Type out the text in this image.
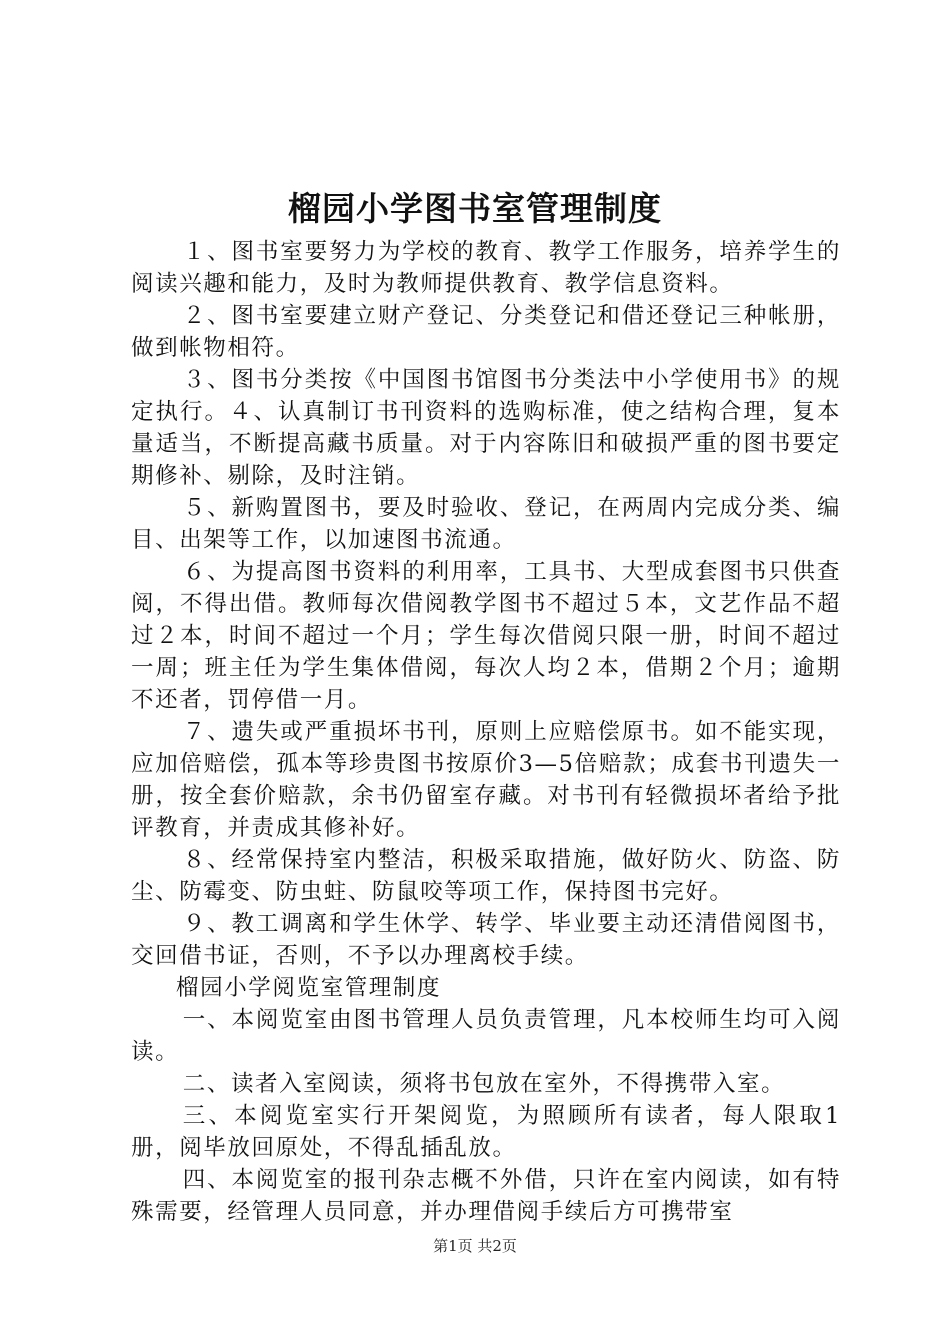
榴园小学图书室管理制度

１、图书室要努力为学校的教育、教学工作服务，培养学生的阅读兴趣和能力，及时为教师提供教育、教学信息资料。

２、图书室要建立财产登记、分类登记和借还登记三种帐册，做到帐物相符。

３、图书分类按《中国图书馆图书分类法中小学使用书》的规定执行。４、认真制订书刊资料的选购标准，使之结构合理，复本量适当，不断提高藏书质量。对于内容陈旧和破损严重的图书要定期修补、剔除，及时注销。

５、新购置图书，要及时验收、登记，在两周内完成分类、编目、出架等工作，以加速图书流通。

６、为提高图书资料的利用率，工具书、大型成套图书只供查阅，不得出借。教师每次借阅教学图书不超过５本，文艺作品不超过２本，时间不超过一个月；学生每次借阅只限一册，时间不超过一周；班主任为学生集体借阅，每次人均２本，借期２个月；逾期不还者，罚停借一月。

７、遗失或严重损坏书刊，原则上应赔偿原书。如不能实现，应加倍赔偿，孤本等珍贵图书按原价3—5倍赔款；成套书刊遗失一册，按全套价赔款，余书仍留室存藏。对书刊有轻微损坏者给予批评教育，并责成其修补好。

８、经常保持室内整洁，积极采取措施，做好防火、防盗、防尘、防霉变、防虫蛀、防鼠咬等项工作，保持图书完好。

９、教工调离和学生休学、转学、毕业要主动还清借阅图书，交回借书证，否则，不予以办理离校手续。

榴园小学阅览室管理制度

一、本阅览室由图书管理人员负责管理，凡本校师生均可入阅读。

二、读者入室阅读，须将书包放在室外，不得携带入室。

三、本阅览室实行开架阅览，为照顾所有读者，每人限取1册，阅毕放回原处，不得乱插乱放。

四、本阅览室的报刊杂志概不外借，只许在室内阅读，如有特殊需要，经管理人员同意，并办理借阅手续后方可携带室

第1页 共2页
